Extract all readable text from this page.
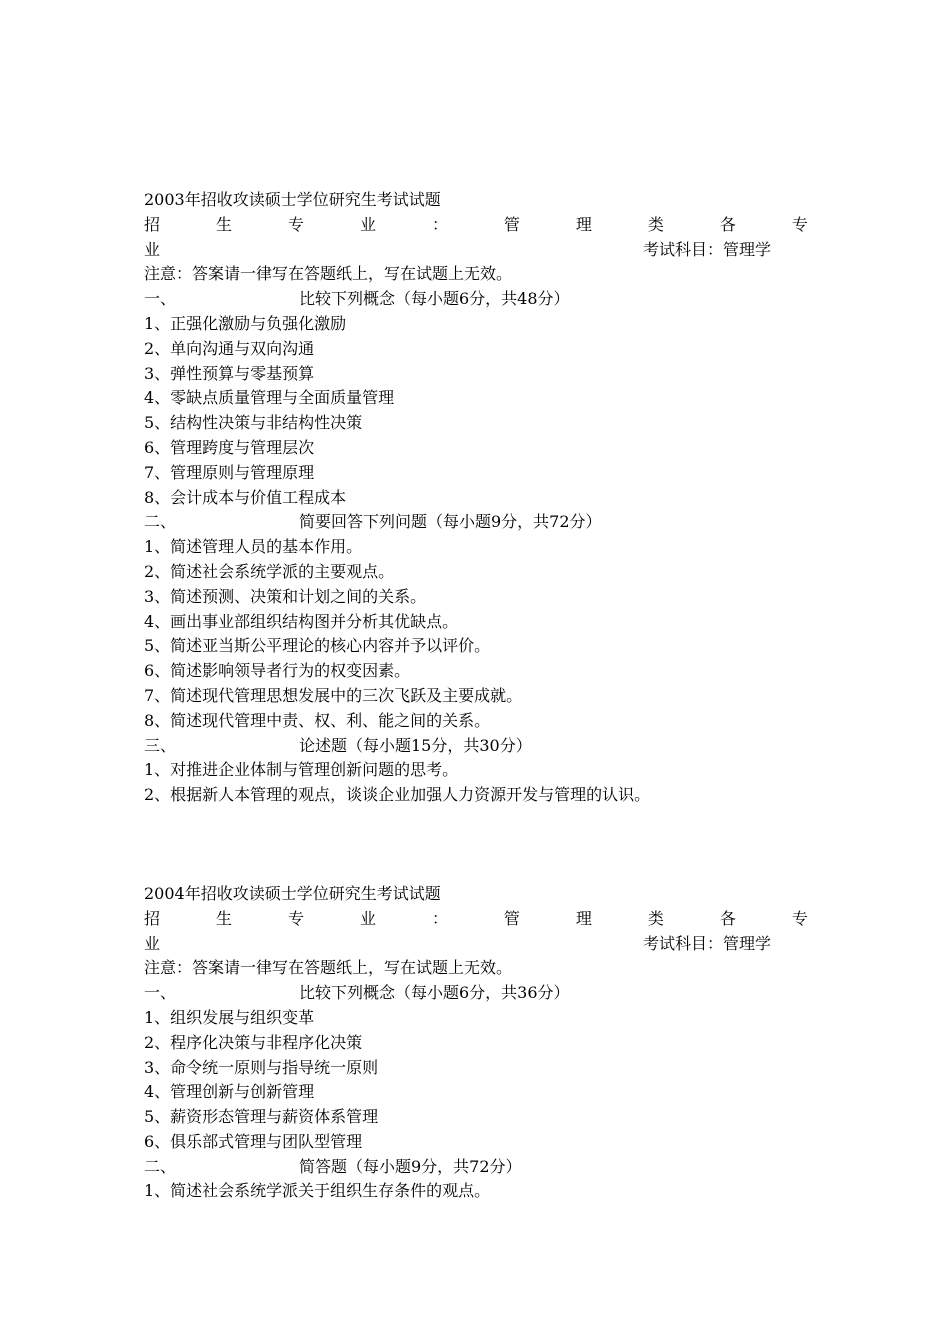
2003年招收攻读硕士学位研究生考试试题
招	生	专	业	：	管	理	类	各	专
业	考试科目：管理学
注意：答案请一律写在答题纸上，写在试题上无效。
一、	比较下列概念（每小题6分，共48分）
1、正强化激励与负强化激励
2、单向沟通与双向沟通
3、弹性预算与零基预算
4、零缺点质量管理与全面质量管理
5、结构性决策与非结构性决策
6、管理跨度与管理层次
7、管理原则与管理原理
8、会计成本与价值工程成本
二、	简要回答下列问题（每小题9分，共72分）
1、简述管理人员的基本作用。
2、简述社会系统学派的主要观点。
3、简述预测、决策和计划之间的关系。
4、画出事业部组织结构图并分析其优缺点。
5、简述亚当斯公平理论的核心内容并予以评价。
6、简述影响领导者行为的权变因素。
7、简述现代管理思想发展中的三次飞跃及主要成就。
8、简述现代管理中责、权、利、能之间的关系。
三、	论述题（每小题15分，共30分）
1、对推进企业体制与管理创新问题的思考。
2、根据新人本管理的观点，谈谈企业加强人力资源开发与管理的认识。
2004年招收攻读硕士学位研究生考试试题
招	生	专	业	：	管	理	类	各	专
业	考试科目：管理学
注意：答案请一律写在答题纸上，写在试题上无效。
一、	比较下列概念（每小题6分，共36分）
1、组织发展与组织变革
2、程序化决策与非程序化决策
3、命令统一原则与指导统一原则
4、管理创新与创新管理
5、薪资形态管理与薪资体系管理
6、俱乐部式管理与团队型管理
二、	简答题（每小题9分，共72分）
1、简述社会系统学派关于组织生存条件的观点。
